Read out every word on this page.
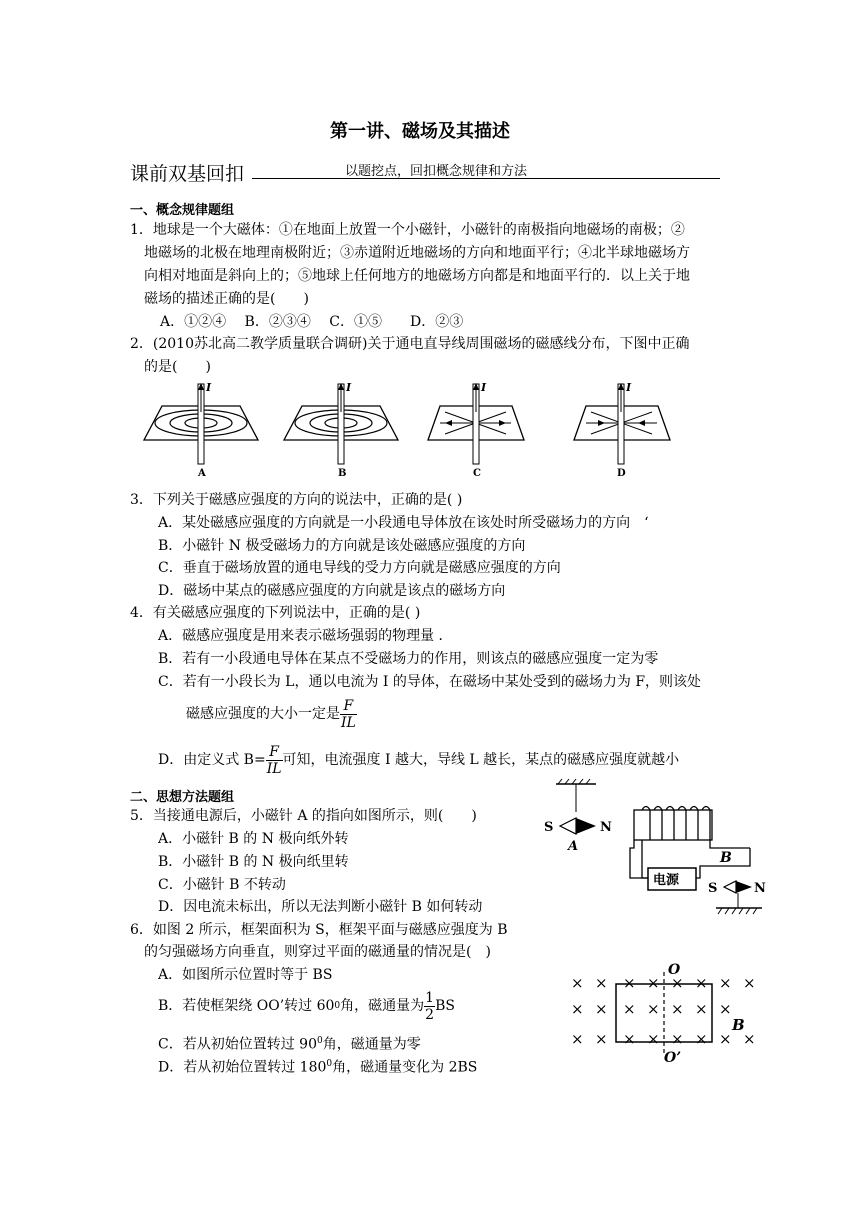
第一讲、磁场及其描述
课前双基回扣	以题挖点，回扣概念规律和方法
一、概念规律题组
1．地球是一个大磁体：①在地面上放置一个小磁针，小磁针的南极指向地磁场的南极；②
地磁场的北极在地理南极附近；③赤道附近地磁场的方向和地面平行；④北半球地磁场方
向相对地面是斜向上的；⑤地球上任何地方的地磁场方向都是和地面平行的．以上关于地
磁场的描述正确的是(　　)
A．①②④　 B．②③④　 C．①⑤　　D．②③
2．(2010苏北高二教学质量联合调研)关于通电直导线周围磁场的磁感线分布，下图中正确
的是(　　)
I
A
I
B
I
C
I
D
3．下列关于磁感应强度的方向的说法中，正确的是( )
A．某处磁感应强度的方向就是一小段通电导体放在该处时所受磁场力的方向　‘
B．小磁针 N 极受磁场力的方向就是该处磁感应强度的方向
C．垂直于磁场放置的通电导线的受力方向就是磁感应强度的方向
D．磁场中某点的磁感应强度的方向就是该点的磁场方向
4．有关磁感应强度的下列说法中，正确的是( )
A．磁感应强度是用来表示磁场强弱的物理量 ．
B．若有一小段通电导体在某点不受磁场力的作用，则该点的磁感应强度一定为零
C．若有一小段长为 L，通以电流为 I 的导体，在磁场中某处受到的磁场力为 F，则该处
磁感应强度的大小一定是 $\frac{F}{IL}$
D．由定义式 $B= \frac{F}{IL}$ 可知，电流强度 I 越大，导线 L 越长，某点的磁感应强度就越小
二、思想方法题组
5．当接通电源后，小磁针 A 的指向如图所示，则(　　)
A．小磁针 B 的 N 极向纸外转
B．小磁针 B 的 N 极向纸里转
C．小磁针 B 不转动
D．因电流未标出，所以无法判断小磁针 B 如何转动
S	N
A
电源
B
S	N
6．如图 2 所示，框架面积为 S，框架平面与磁感应强度为 B
的匀强磁场方向垂直，则穿过平面的磁通量的情况是(　)
A．如图所示位置时等于 BS
B．若使框架绕 OO’转过 60 0 角，磁通量为 $\frac{1}{2}$ BS
C．若从初始位置转过 $90^0$角，磁通量为零
D．若从初始位置转过 $180^0$角，磁通量变化为 2BS
O
O’
B
× × × × × × × ×
× × × × × × ×
× × × × × × × ×
